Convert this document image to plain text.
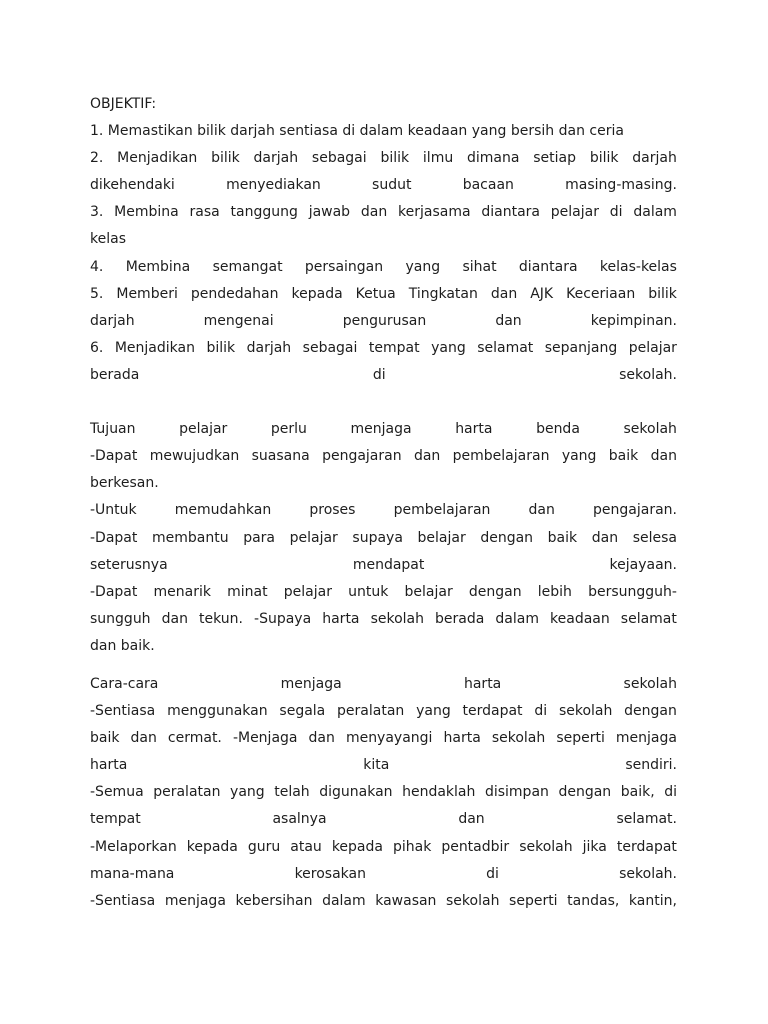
OBJEKTIF:
1. Memastikan bilik darjah sentiasa di dalam keadaan yang bersih dan ceria
2. Menjadikan bilik darjah sebagai bilik ilmu dimana setiap bilik darjah
dikehendaki	menyediakan	sudut	bacaan	masing-masing.
3. Membina rasa tanggung jawab dan kerjasama diantara pelajar di dalam
kelas
4. Membina semangat persaingan yang sihat diantara kelas-kelas
5. Memberi pendedahan kepada Ketua Tingkatan dan AJK Keceriaan bilik
darjah	mengenai	pengurusan	dan	kepimpinan.
6. Menjadikan bilik darjah sebagai tempat yang selamat sepanjang pelajar
berada	di	sekolah.
Tujuan	pelajar	perlu	menjaga	harta	benda	sekolah
-Dapat mewujudkan suasana pengajaran dan pembelajaran yang baik dan
berkesan.
-Untuk	memudahkan	proses	pembelajaran	dan	pengajaran.
-Dapat membantu para pelajar supaya belajar dengan baik dan selesa
seterusnya	mendapat	kejayaan.
-Dapat menarik minat pelajar untuk belajar dengan lebih bersungguh-
sungguh dan tekun. -Supaya harta sekolah berada dalam keadaan selamat
dan baik.
Cara-cara	menjaga	harta	sekolah
-Sentiasa menggunakan segala peralatan yang terdapat di sekolah dengan
baik dan cermat. -Menjaga dan menyayangi harta sekolah seperti menjaga
harta	kita	sendiri.
-Semua peralatan yang telah digunakan hendaklah disimpan dengan baik, di
tempat	asalnya	dan	selamat.
-Melaporkan kepada guru atau kepada pihak pentadbir sekolah jika terdapat
mana-mana	kerosakan	di	sekolah.
-Sentiasa menjaga kebersihan dalam kawasan sekolah seperti tandas, kantin,
